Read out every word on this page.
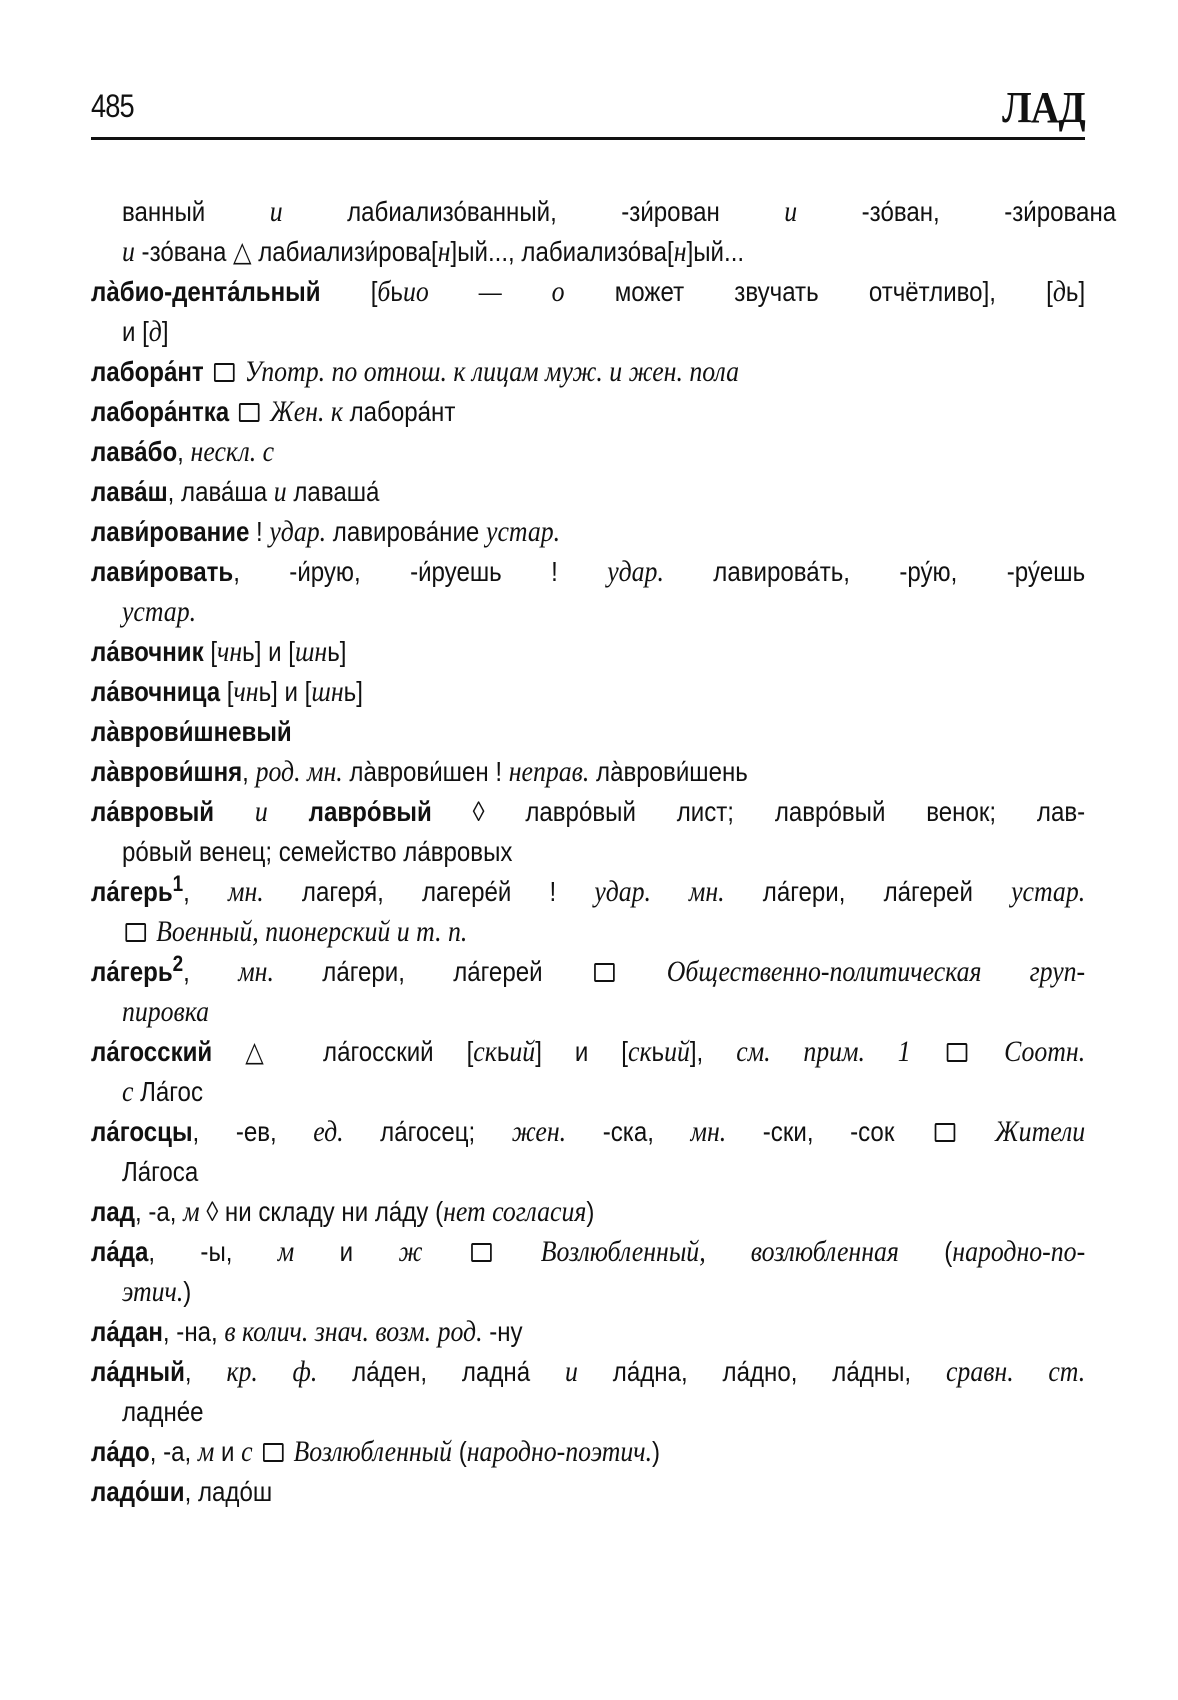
485	ЛАД
ванный и лабиализо́ванный, -зи́рован и -зо́ван, -зи́рована
и -зо́вана △ лабиализи́рова[н]ый..., лабиализо́ва[н]ый...
ла̀био-дента́льный [бьио — о может звучать отчётливо], [дь]
и [д]
лабора́нт Употр. по отнош. к лицам муж. и жен. пола
лабора́нтка Жен. к лабора́нт
лава́бо, нескл. с
лава́ш, лава́ша и лаваша́
лави́рование ! удар. лавирова́ние устар.
лави́ровать, -и́рую, -и́руешь ! удар. лавирова́ть, -ру́ю, -ру́ешь
устар.
ла́вочник [чнь] и [шнь]
ла́вочница [чнь] и [шнь]
ла̀врови́шневый
ла̀врови́шня, род. мн. ла̀врови́шен ! неправ. ла̀врови́шень
ла́вровый и лавро́вый ◊ лавро́вый лист; лавро́вый венок; лав-
ро́вый венец; семейство ла́вровых
ла́герь$^1$, мн. лагеря́, лагере́й ! удар. мн. ла́гери, ла́герей устар.
Военный, пионерский и т. п.
ла́герь$^2$, мн. ла́гери, ла́герей	Общественно-политическая груп-
пировка
ла́госский △ ла́госский [скьий] и [скьий], см. прим. 1	Соотн.
с Ла́гос
ла́госцы, -ев, ед. ла́госец; жен. -ска, мн. -ски, -сок  Жители
Ла́госа
лад, -а, м ◊ ни складу ни ла́ду (нет согласия)
ла́да, -ы, м и ж	Возлюбленный, возлюбленная (народно-по-
этич.)
ла́дан, -на, в колич. знач. возм. род. -ну
ла́дный, кр. ф. ла́ден, ладна́ и ла́дна, ла́дно, ла́дны, сравн. ст.
ладне́е
ла́до, -а, м и с Возлюбленный (народно-поэтич.)
ладо́ши, ладо́ш
